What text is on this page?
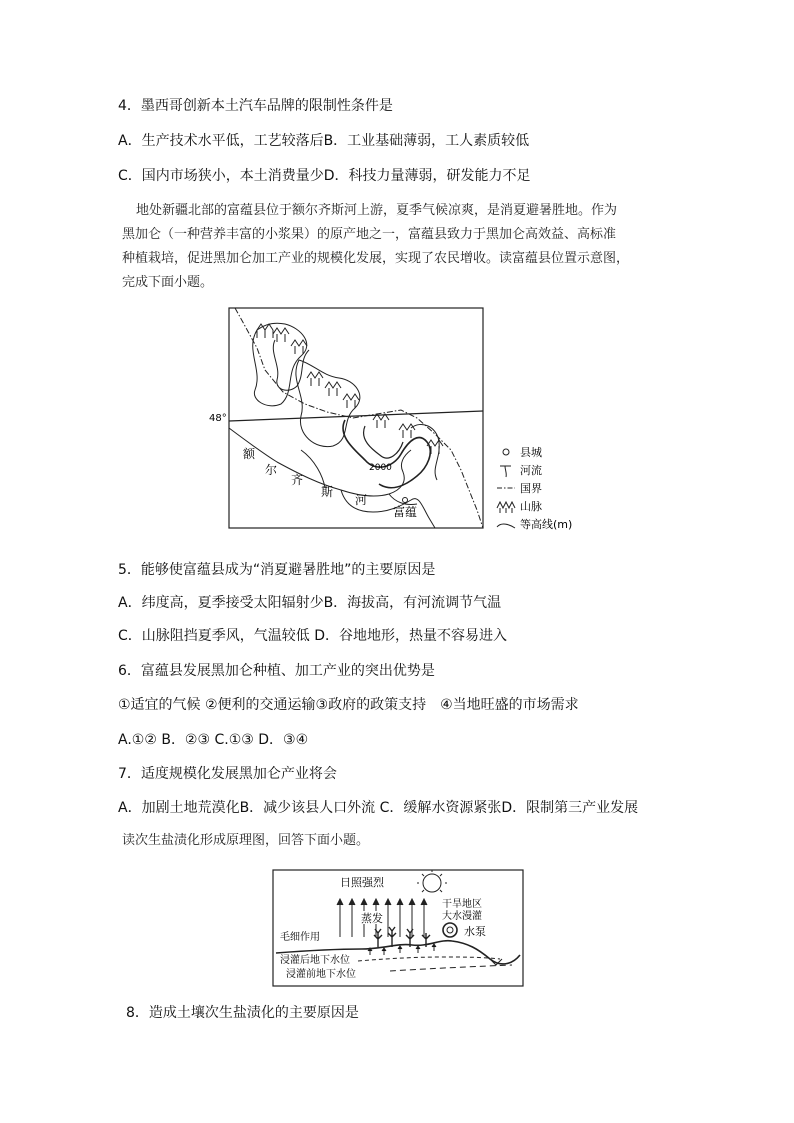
4．墨西哥创新本土汽车品牌的限制性条件是
A．生产技术水平低，工艺较落后B．工业基础薄弱，工人素质较低
C．国内市场狭小，本土消费量少D．科技力量薄弱，研发能力不足
地处新疆北部的富蕴县位于额尔齐斯河上游，夏季气候凉爽，是消夏避暑胜地。作为
黑加仑（一种营养丰富的小浆果）的原产地之一，富蕴县致力于黑加仑高效益、高标准
种植栽培，促进黑加仑加工产业的规模化发展，实现了农民增收。读富蕴县位置示意图，
完成下面小题。
48°
2000
额
尔
齐
斯
河
富蕴
县城
河流
国界
山脉
等高线(m)
5．能够使富蕴县成为“消夏避暑胜地”的主要原因是
A．纬度高，夏季接受太阳辐射少B．海拔高，有河流调节气温
C．山脉阻挡夏季风，气温较低 D．谷地地形，热量不容易进入
6．富蕴县发展黑加仑种植、加工产业的突出优势是
①适宜的气候 ②便利的交通运输③政府的政策支持　④当地旺盛的市场需求
A.①② B．②③ C.①③ D．③④
7．适度规模化发展黑加仑产业将会
A．加剧土地荒漠化B．减少该县人口外流 C．缓解水资源紧张D．限制第三产业发展
读次生盐渍化形成原理图，回答下面小题。
日照强烈
蒸发
干旱地区
大水漫灌
水泵
毛细作用
浸灌后地下水位
浸灌前地下水位
8．造成土壤次生盐渍化的主要原因是
